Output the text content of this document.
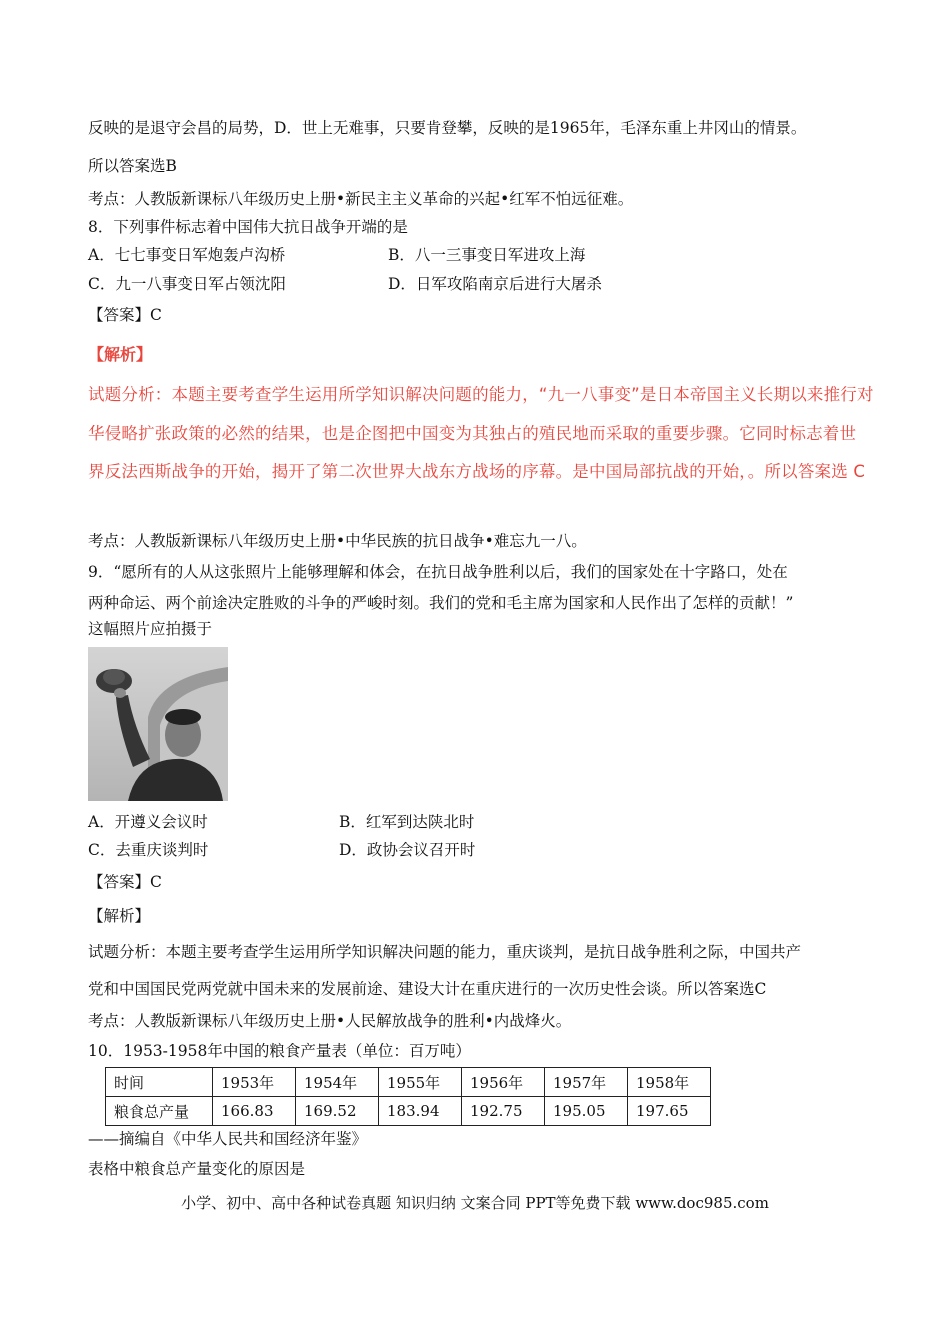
反映的是退守会昌的局势，D．世上无难事，只要肯登攀，反映的是1965年，毛泽东重上井冈山的情景。
所以答案选B
考点：人教版新课标八年级历史上册•新民主主义革命的兴起•红军不怕远征难。
8．下列事件标志着中国伟大抗日战争开端的是
A．七七事变日军炮轰卢沟桥	B．八一三事变日军进攻上海
C．九一八事变日军占领沈阳	D．日军攻陷南京后进行大屠杀
【答案】C
【解析】
试题分析：本题主要考查学生运用所学知识解决问题的能力，“九一八事变”是日本帝国主义长期以来推行对
华侵略扩张政策的必然的结果，也是企图把中国变为其独占的殖民地而采取的重要步骤。它同时标志着世
界反法西斯战争的开始，揭开了第二次世界大战东方战场的序幕。是中国局部抗战的开始，。所以答案选 C
考点：人教版新课标八年级历史上册•中华民族的抗日战争•难忘九一八。
9．“愿所有的人从这张照片上能够理解和体会，在抗日战争胜利以后，我们的国家处在十字路口，处在
两种命运、两个前途决定胜败的斗争的严峻时刻。我们的党和毛主席为国家和人民作出了怎样的贡献！”
这幅照片应拍摄于
A．开遵义会议时	B．红军到达陕北时
C．去重庆谈判时	D．政协会议召开时
【答案】C
【解析】
试题分析：本题主要考查学生运用所学知识解决问题的能力，重庆谈判，是抗日战争胜利之际，中国共产
党和中国国民党两党就中国未来的发展前途、建设大计在重庆进行的一次历史性会谈。所以答案选C
考点：人教版新课标八年级历史上册•人民解放战争的胜利•内战烽火。
10．1953-1958年中国的粮食产量表（单位：百万吨）
时间	1953年	1954年	1955年	1956年	1957年	1958年
粮食总产量	166.83	169.52	183.94	192.75	195.05	197.65
——摘编自《中华人民共和国经济年鉴》
表格中粮食总产量变化的原因是
小学、初中、高中各种试卷真题 知识归纳 文案合同 PPT等免费下载 www.doc985.com
